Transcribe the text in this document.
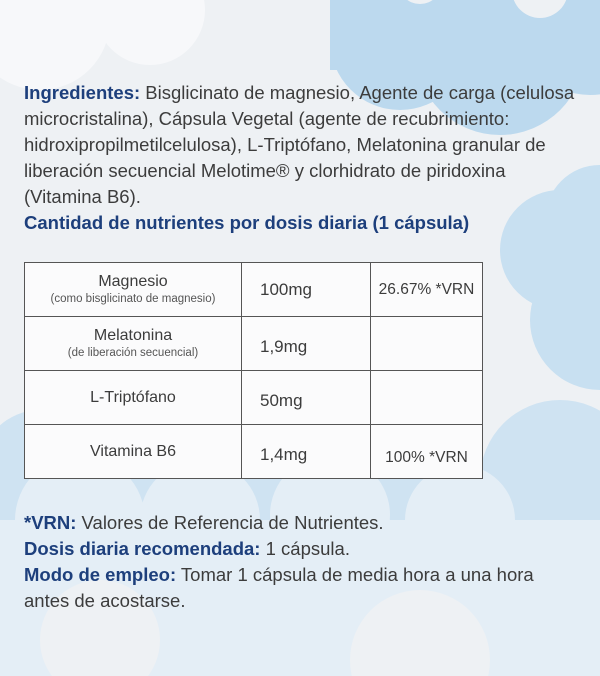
Ingredientes: Bisglicinato de magnesio, Agente de carga (celulosa microcristalina), Cápsula Vegetal (agente de recubrimiento: hidroxipropilmetilcelulosa), L-Triptófano, Melatonina granular de liberación secuencial Melotime® y clorhidrato de piridoxina (Vitamina B6).

Cantidad de nutrientes por dosis diaria (1 cápsula)
Magnesio
(como bisglicinato de magnesio)	100mg	26.67% *VRN

Melatonina
(de liberación secuencial)	1,9mg	

L-Triptófano	50mg	

Vitamina B6	1,4mg	100% *VRN

*VRN: Valores de Referencia de Nutrientes.

Dosis diaria recomendada: 1 cápsula.

Modo de empleo: Tomar 1 cápsula de media hora a una hora antes de acostarse.
